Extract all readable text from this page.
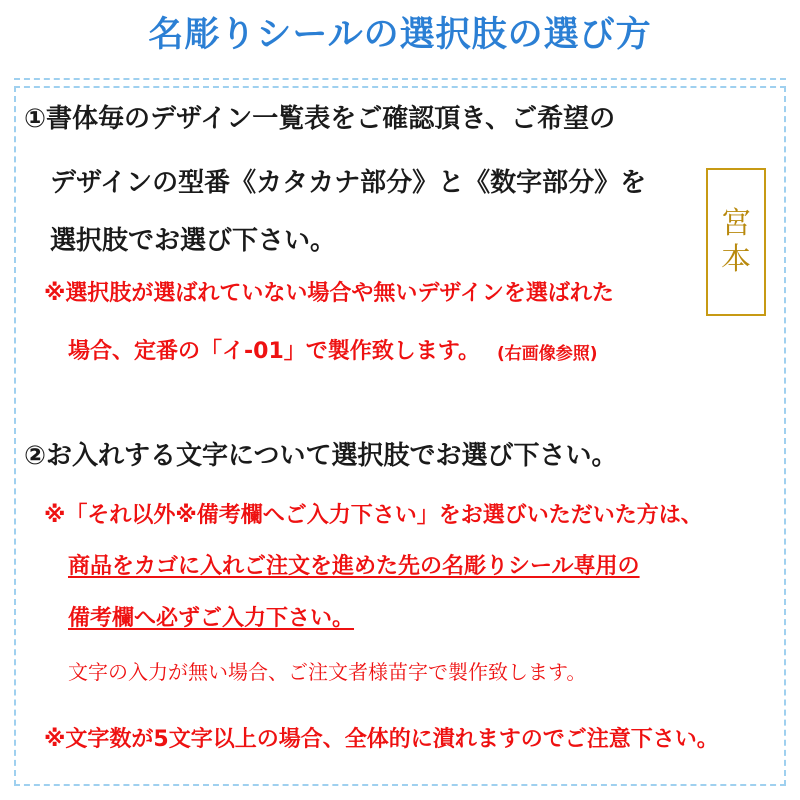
名彫りシールの選択肢の選び方
①書体毎のデザイン一覧表をご確認頂き、ご希望の
デザインの型番《カタカナ部分》と《数字部分》を
選択肢でお選び下さい。
※選択肢が選ばれていない場合や無いデザインを選ばれた
場合、定番の「イ-01」で製作致します。 (右画像参照)
②お入れする文字について選択肢でお選び下さい。
※「それ以外※備考欄へご入力下さい」をお選びいただいた方は、
商品をカゴに入れご注文を進めた先の名彫りシール専用の
備考欄へ必ずご入力下さい。
文字の入力が無い場合、ご注文者様苗字で製作致します。
※文字数が5文字以上の場合、全体的に潰れますのでご注意下さい。
宮
本
